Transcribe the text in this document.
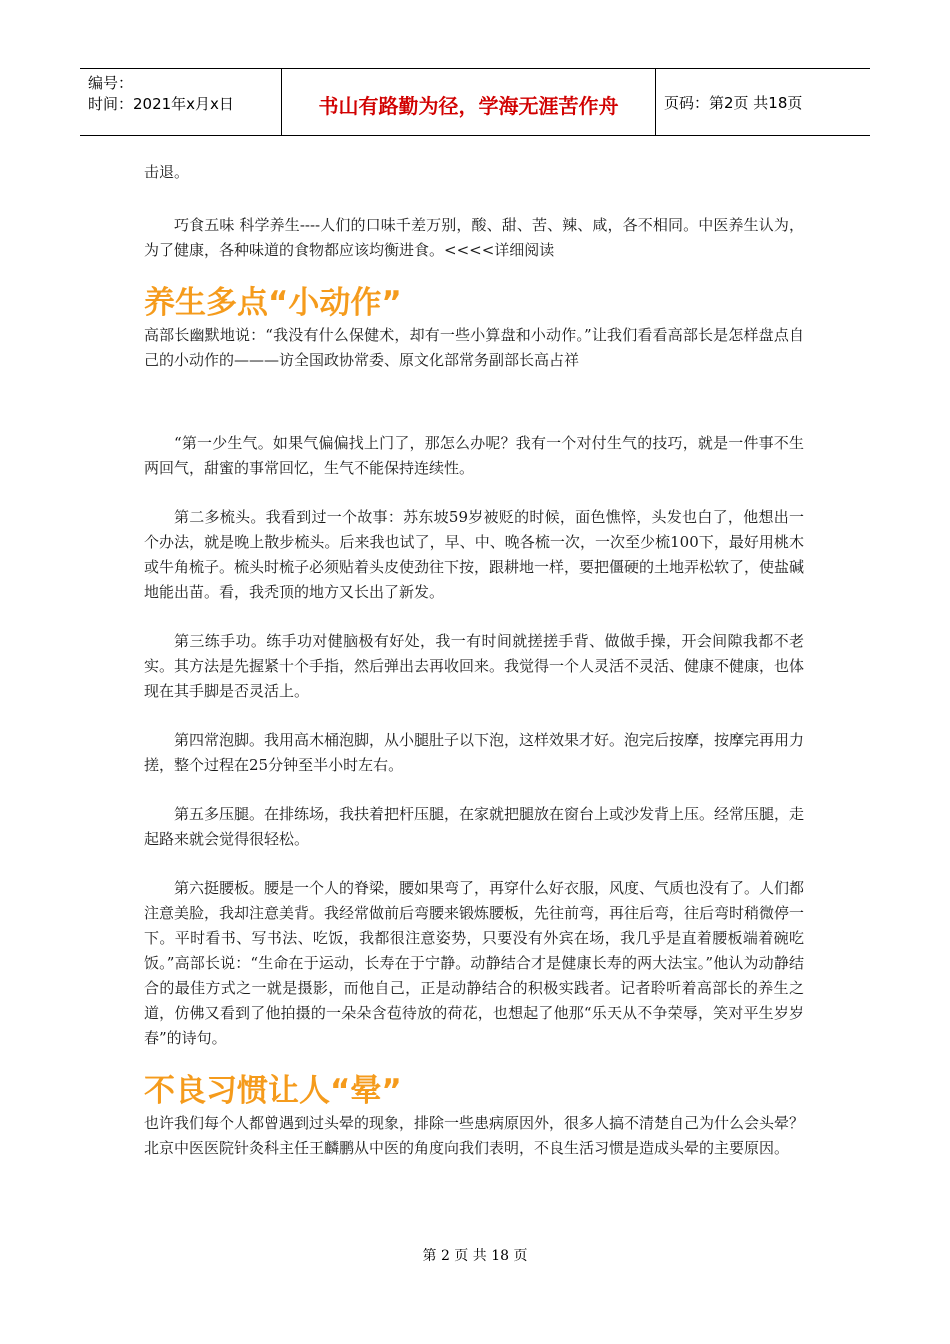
编号：
时间：2021年x月x日	书山有路勤为径，学海无涯苦作舟	页码：第2页 共18页

击退。

巧食五味 科学养生----人们的口味千差万别，酸、甜、苦、辣、咸，各不相同。中医养生认为，为了健康，各种味道的食物都应该均衡进食。<<<<详细阅读

养生多点“小动作”

高部长幽默地说：“我没有什么保健术，却有一些小算盘和小动作。”让我们看看高部长是怎样盘点自己的小动作的———访全国政协常委、原文化部常务副部长高占祥

“第一少生气。如果气偏偏找上门了，那怎么办呢？我有一个对付生气的技巧，就是一件事不生两回气，甜蜜的事常回忆，生气不能保持连续性。

第二多梳头。我看到过一个故事：苏东坡59岁被贬的时候，面色憔悴，头发也白了，他想出一个办法，就是晚上散步梳头。后来我也试了，早、中、晚各梳一次，一次至少梳100下，最好用桃木或牛角梳子。梳头时梳子必须贴着头皮使劲往下按，跟耕地一样，要把僵硬的土地弄松软了，使盐碱地能出苗。看，我秃顶的地方又长出了新发。

第三练手功。练手功对健脑极有好处，我一有时间就搓搓手背、做做手操，开会间隙我都不老实。其方法是先握紧十个手指，然后弹出去再收回来。我觉得一个人灵活不灵活、健康不健康，也体现在其手脚是否灵活上。

第四常泡脚。我用高木桶泡脚，从小腿肚子以下泡，这样效果才好。泡完后按摩，按摩完再用力搓，整个过程在25分钟至半小时左右。

第五多压腿。在排练场，我扶着把杆压腿，在家就把腿放在窗台上或沙发背上压。经常压腿，走起路来就会觉得很轻松。

第六挺腰板。腰是一个人的脊梁，腰如果弯了，再穿什么好衣服，风度、气质也没有了。人们都注意美脸，我却注意美背。我经常做前后弯腰来锻炼腰板，先往前弯，再往后弯，往后弯时稍微停一下。平时看书、写书法、吃饭，我都很注意姿势，只要没有外宾在场，我几乎是直着腰板端着碗吃饭。”高部长说：“生命在于运动，长寿在于宁静。动静结合才是健康长寿的两大法宝。”他认为动静结合的最佳方式之一就是摄影，而他自己，正是动静结合的积极实践者。记者聆听着高部长的养生之道，仿佛又看到了他拍摄的一朵朵含苞待放的荷花，也想起了他那“乐天从不争荣辱，笑对平生岁岁春”的诗句。

不良习惯让人“晕”

也许我们每个人都曾遇到过头晕的现象，排除一些患病原因外，很多人搞不清楚自己为什么会头晕？北京中医医院针灸科主任王麟鹏从中医的角度向我们表明，不良生活习惯是造成头晕的主要原因。

第 2 页 共 18 页
